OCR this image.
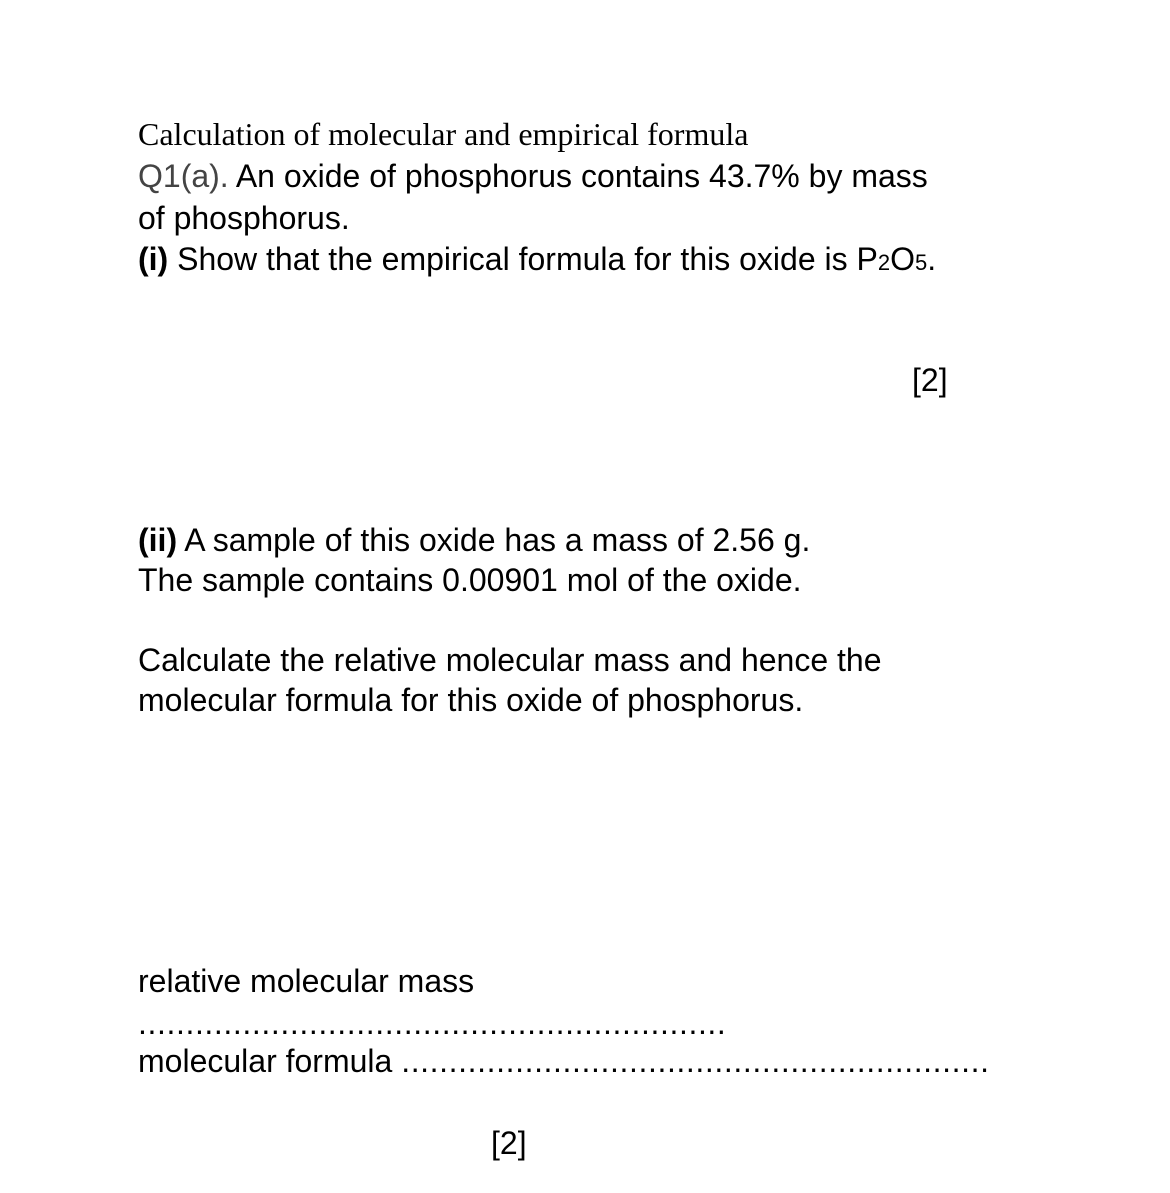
Calculation of molecular and empirical formula
Q1(a). An oxide of phosphorus contains 43.7% by mass
of phosphorus.
(i) Show that the empirical formula for this oxide is P2O5.
[2]
(ii) A sample of this oxide has a mass of 2.56 g.
The sample contains 0.00901 mol of the oxide.
Calculate the relative molecular mass and hence the
molecular formula for this oxide of phosphorus.
relative molecular mass
..............................................................
molecular formula ..............................................................
[2]
